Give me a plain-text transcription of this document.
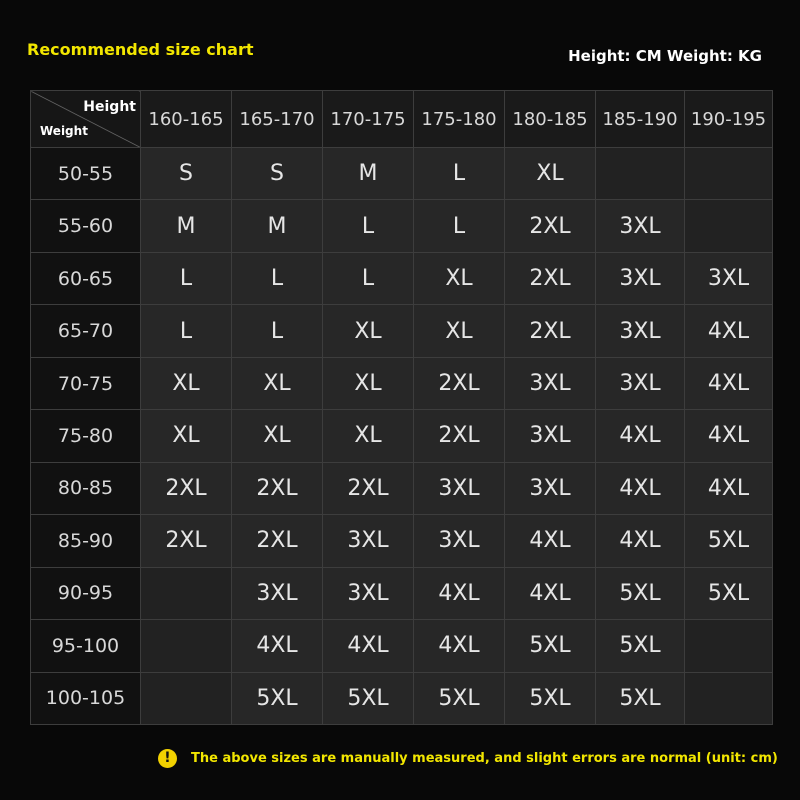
Recommended size chart	Height: CM Weight: KG
Height
Weight	160-165	165-170	170-175	175-180	180-185	185-190	190-195
50-55	S	S	M	L	XL		
55-60	M	M	L	L	2XL	3XL	
60-65	L	L	L	XL	2XL	3XL	3XL
65-70	L	L	XL	XL	2XL	3XL	4XL
70-75	XL	XL	XL	2XL	3XL	3XL	4XL
75-80	XL	XL	XL	2XL	3XL	4XL	4XL
80-85	2XL	2XL	2XL	3XL	3XL	4XL	4XL
85-90	2XL	2XL	3XL	3XL	4XL	4XL	5XL
90-95		3XL	3XL	4XL	4XL	5XL	5XL
95-100		4XL	4XL	4XL	5XL	5XL	
100-105		5XL	5XL	5XL	5XL	5XL	
!	The above sizes are manually measured, and slight errors are normal (unit: cm)
